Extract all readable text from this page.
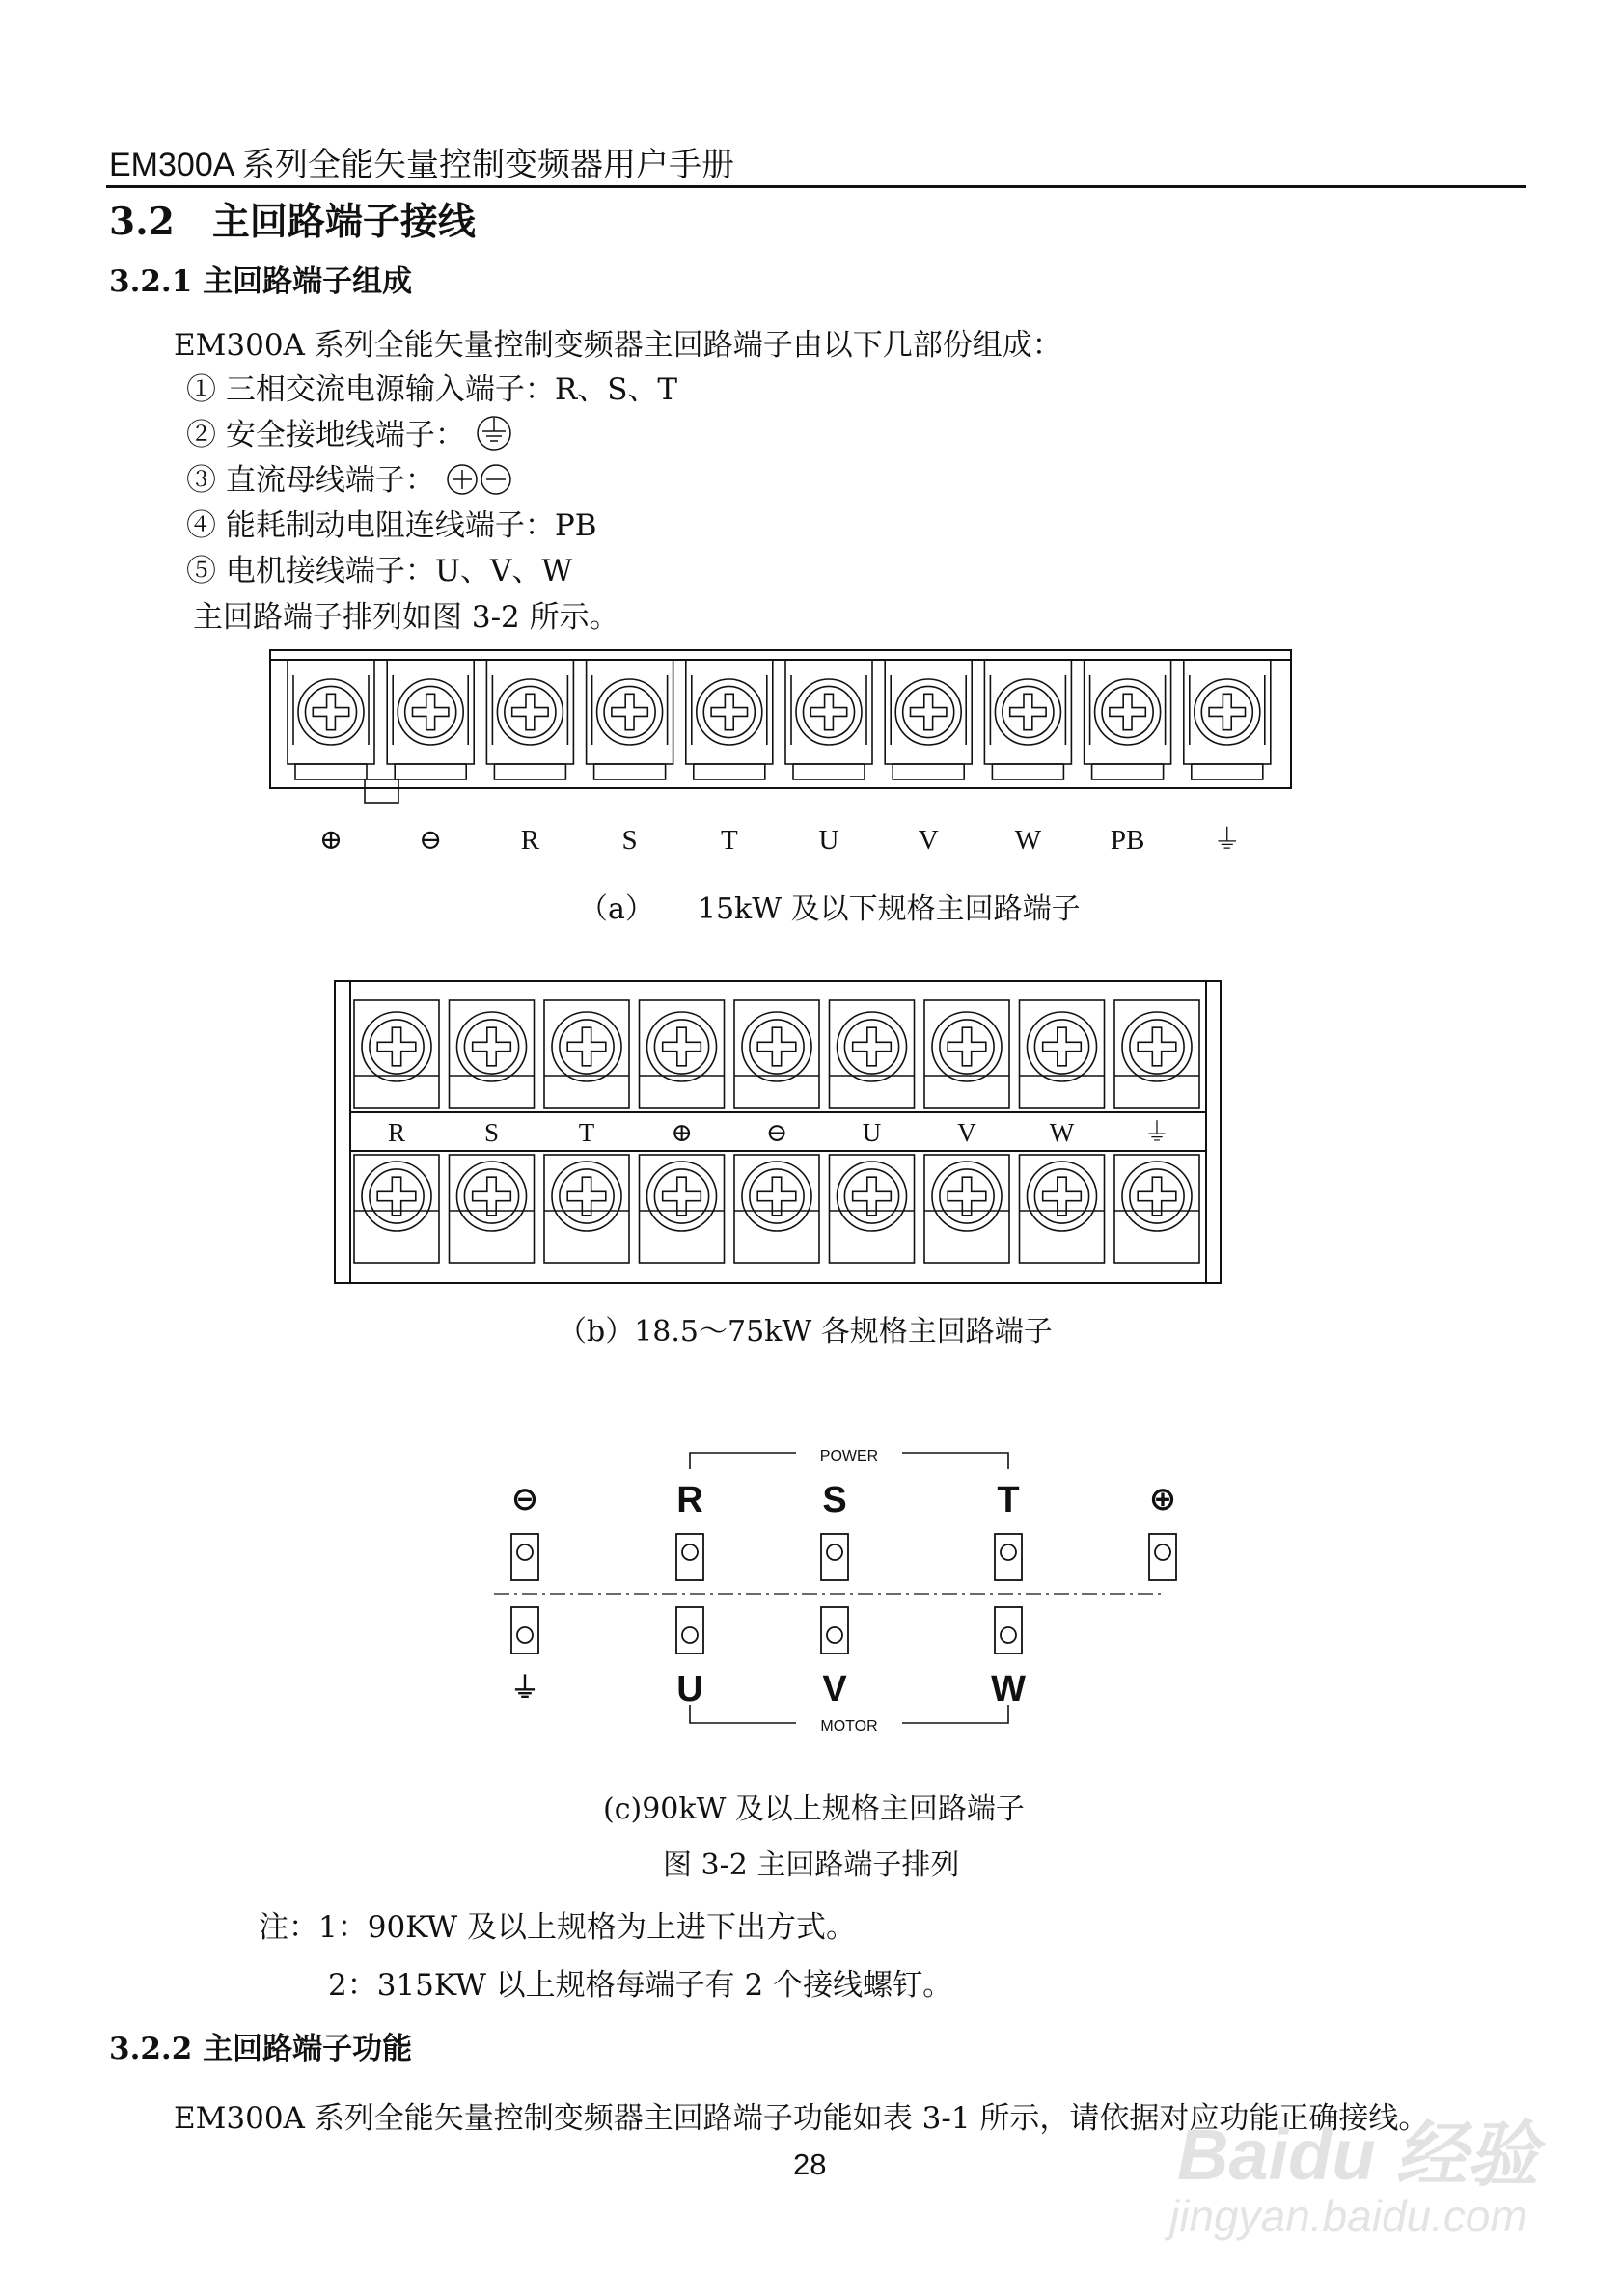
EM300A 系列全能矢量控制变频器用户手册
3.2　主回路端子接线
3.2.1 主回路端子组成
EM300A 系列全能矢量控制变频器主回路端子由以下几部份组成：
① 三相交流电源输入端子：R、S、T
② 安全接地线端子：
③ 直流母线端子：
④ 能耗制动电阻连线端子：PB
⑤ 电机接线端子：U、V、W
主回路端子排列如图 3-2 所示。
⊕	⊖	R	S	T	U	V	W PB ⏚
（a）　　15kW 及以下规格主回路端子
R	S	T	⊕	⊖	U	V	W	⏚
（b）18.5～75kW 各规格主回路端子
POWER
MOTOR
⊖	R	S	T	⊕
⏚	U	V	W
(c)90kW 及以上规格主回路端子
图 3-2 主回路端子排列
注：1：90KW 及以上规格为上进下出方式。
2：315KW 以上规格每端子有 2 个接线螺钉。
3.2.2 主回路端子功能
EM300A 系列全能矢量控制变频器主回路端子功能如表 3-1 所示，请依据对应功能正确接线。
Baidu 经验
jingyan.baidu.com
28
